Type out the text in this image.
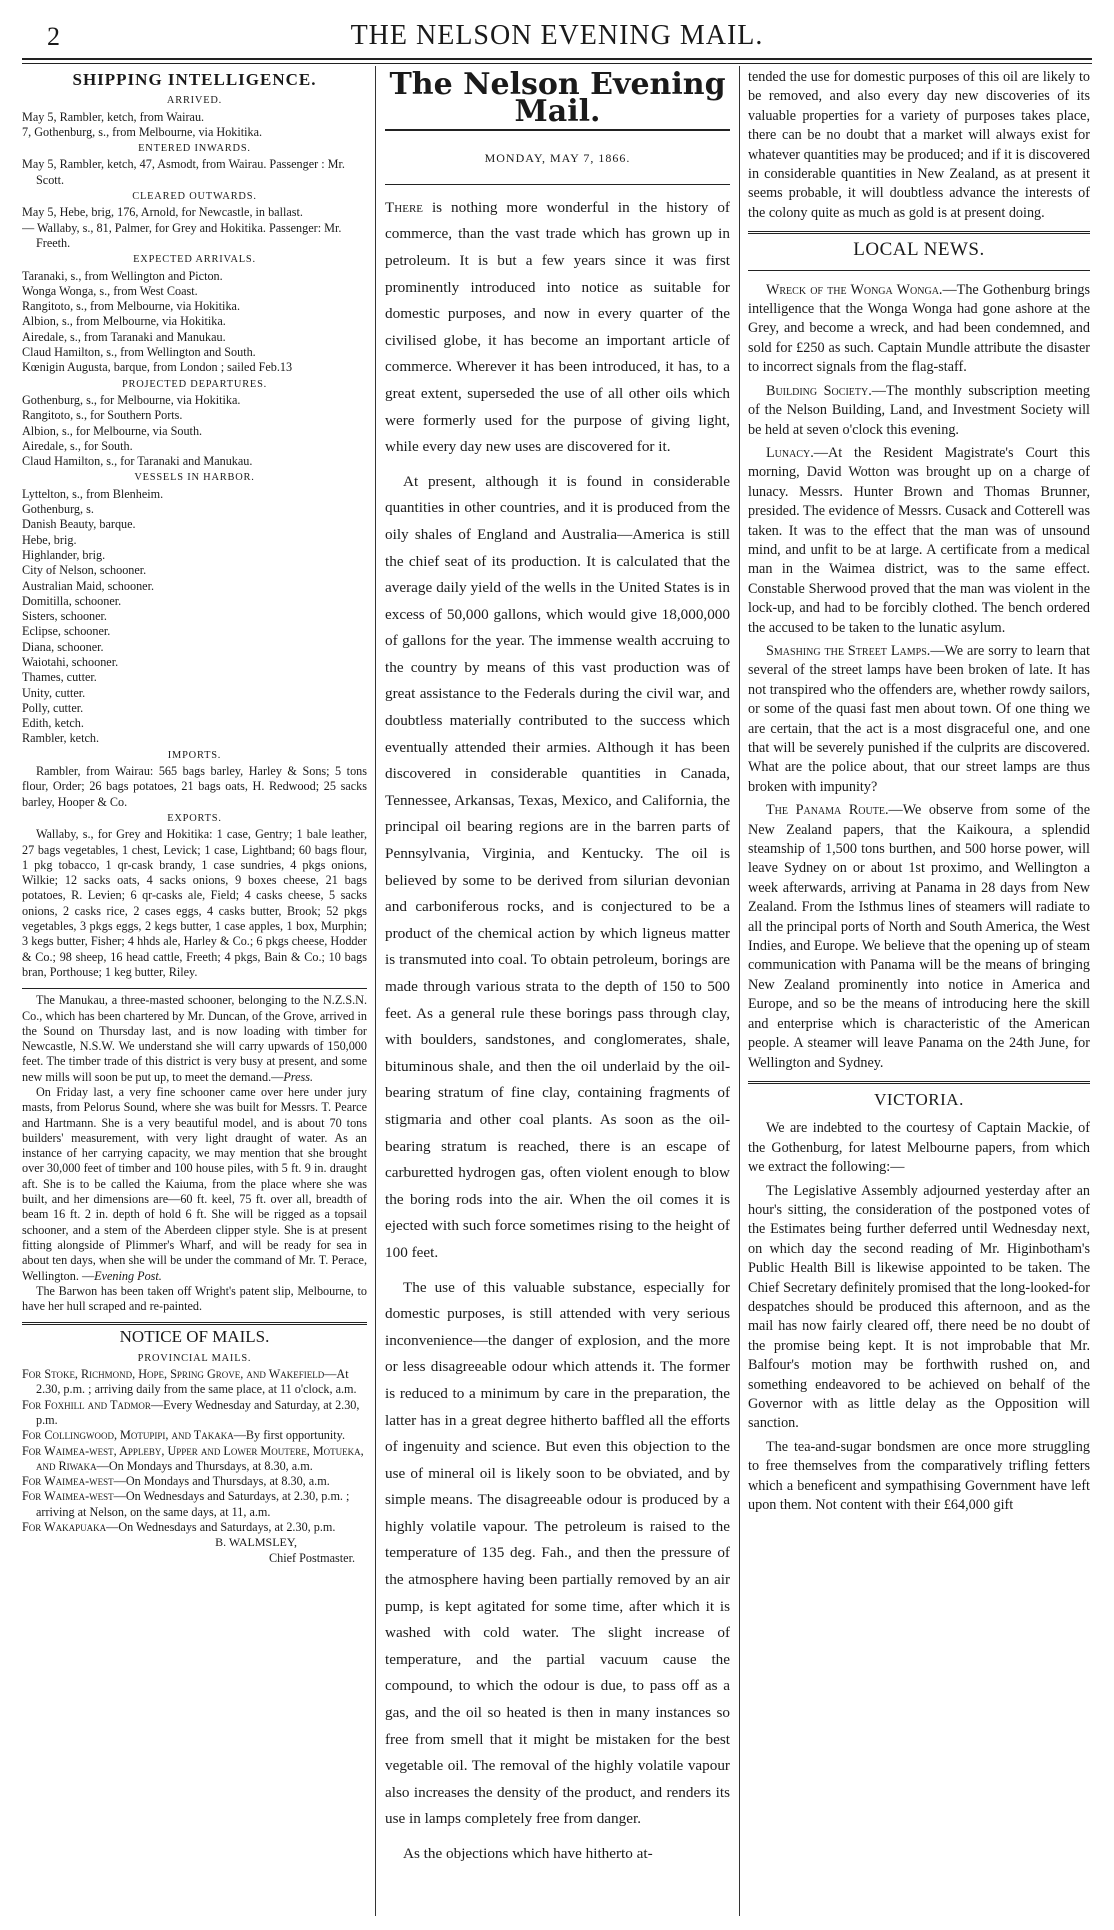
2	THE NELSON EVENING MAIL.
SHIPPING INTELLIGENCE.
ARRIVED.
May 5, Rambler, ketch, from Wairau.
7, Gothenburg, s., from Melbourne, via Hokitika.
ENTERED INWARDS.
May 5, Rambler, ketch, 47, Asmodt, from Wairau. Passenger : Mr. Scott.
CLEARED OUTWARDS.
May 5, Hebe, brig, 176, Arnold, for Newcastle, in ballast.
— Wallaby, s., 81, Palmer, for Grey and Hokitika. Passenger: Mr. Freeth.
EXPECTED ARRIVALS.
Taranaki, s., from Wellington and Picton.
Wonga Wonga, s., from West Coast.
Rangitoto, s., from Melbourne, via Hokitika.
Albion, s., from Melbourne, via Hokitika.
Airedale, s., from Taranaki and Manukau.
Claud Hamilton, s., from Wellington and South.
Kœnigin Augusta, barque, from London ; sailed Feb.13
PROJECTED DEPARTURES.
Gothenburg, s., for Melbourne, via Hokitika.
Rangitoto, s., for Southern Ports.
Albion, s., for Melbourne, via South.
Airedale, s., for South.
Claud Hamilton, s., for Taranaki and Manukau.
VESSELS IN HARBOR.
Lyttelton, s., from Blenheim.
Gothenburg, s.
Danish Beauty, barque.
Hebe, brig.
Highlander, brig.
City of Nelson, schooner.
Australian Maid, schooner.
Domitilla, schooner.
Sisters, schooner.
Eclipse, schooner.
Diana, schooner.
Waiotahi, schooner.
Thames, cutter.
Unity, cutter.
Polly, cutter.
Edith, ketch.
Rambler, ketch.
IMPORTS.

Rambler, from Wairau: 565 bags barley, Harley & Sons; 5 tons flour, Order; 26 bags potatoes, 21 bags oats, H. Redwood; 25 sacks barley, Hooper & Co.

EXPORTS.

Wallaby, s., for Grey and Hokitika: 1 case, Gentry; 1 bale leather, 27 bags vegetables, 1 chest, Levick; 1 case, Lightband; 60 bags flour, 1 pkg tobacco, 1 qr-cask brandy, 1 case sundries, 4 pkgs onions, Wilkie; 12 sacks oats, 4 sacks onions, 9 boxes cheese, 21 bags potatoes, R. Levien; 6 qr-casks ale, Field; 4 casks cheese, 5 sacks onions, 2 casks rice, 2 cases eggs, 4 casks butter, Brook; 52 pkgs vegetables, 3 pkgs eggs, 2 kegs butter, 1 case apples, 1 box, Murphin; 3 kegs butter, Fisher; 4 hhds ale, Harley & Co.; 6 pkgs cheese, Hodder & Co.; 98 sheep, 16 head cattle, Freeth; 4 pkgs, Bain & Co.; 10 bags bran, Porthouse; 1 keg butter, Riley.

The Manukau, a three-masted schooner, belonging to the N.Z.S.N. Co., which has been chartered by Mr. Duncan, of the Grove, arrived in the Sound on Thursday last, and is now loading with timber for Newcastle, N.S.W. We understand she will carry upwards of 150,000 feet. The timber trade of this district is very busy at present, and some new mills will soon be put up, to meet the demand.—Press.

On Friday last, a very fine schooner came over here under jury masts, from Pelorus Sound, where she was built for Messrs. T. Pearce and Hartmann. She is a very beautiful model, and is about 70 tons builders' measurement, with very light draught of water. As an instance of her carrying capacity, we may mention that she brought over 30,000 feet of timber and 100 house piles, with 5 ft. 9 in. draught aft. She is to be called the Kaiuma, from the place where she was built, and her dimensions are—60 ft. keel, 75 ft. over all, breadth of beam 16 ft. 2 in. depth of hold 6 ft. She will be rigged as a topsail schooner, and a stem of the Aberdeen clipper style. She is at present fitting alongside of Plimmer's Wharf, and will be ready for sea in about ten days, when she will be under the command of Mr. T. Perace, Wellington. —Evening Post.

The Barwon has been taken off Wright's patent slip, Melbourne, to have her hull scraped and re-painted.

NOTICE OF MAILS.
PROVINCIAL MAILS.
For Stoke, Richmond, Hope, Spring Grove, and Wakefield—At 2.30, p.m. ; arriving daily from the same place, at 11 o'clock, a.m.
For Foxhill and Tadmor—Every Wednesday and Saturday, at 2.30, p.m.
For Collingwood, Motupipi, and Takaka—By first opportunity.
For Waimea-west, Appleby, Upper and Lower Moutere, Motueka, and Riwaka—On Mondays and Thursdays, at 8.30, a.m.
For Waimea-west—On Mondays and Thursdays, at 8.30, a.m.
For Waimea-west—On Wednesdays and Saturdays, at 2.30, p.m. ; arriving at Nelson, on the same days, at 11, a.m.
For Wakapuaka—On Wednesdays and Saturdays, at 2.30, p.m.
B. WALMSLEY,
Chief Postmaster.
The Nelson Evening Mail.
MONDAY, MAY 7, 1866.

There is nothing more wonderful in the history of commerce, than the vast trade which has grown up in petroleum. It is but a few years since it was first prominently introduced into notice as suitable for domestic purposes, and now in every quarter of the civilised globe, it has become an important article of commerce. Wherever it has been introduced, it has, to a great extent, superseded the use of all other oils which were formerly used for the purpose of giving light, while every day new uses are discovered for it.

At present, although it is found in considerable quantities in other countries, and it is produced from the oily shales of England and Australia—America is still the chief seat of its production. It is calculated that the average daily yield of the wells in the United States is in excess of 50,000 gallons, which would give 18,000,000 of gallons for the year. The immense wealth accruing to the country by means of this vast production was of great assistance to the Federals during the civil war, and doubtless materially contributed to the success which eventually attended their armies. Although it has been discovered in considerable quantities in Canada, Tennessee, Arkansas, Texas, Mexico, and California, the principal oil bearing regions are in the barren parts of Pennsylvania, Virginia, and Kentucky. The oil is believed by some to be derived from silurian devonian and carboniferous rocks, and is conjectured to be a product of the chemical action by which ligneus matter is transmuted into coal. To obtain petroleum, borings are made through various strata to the depth of 150 to 500 feet. As a general rule these borings pass through clay, with boulders, sandstones, and conglomerates, shale, bituminous shale, and then the oil underlaid by the oil-bearing stratum of fine clay, containing fragments of stigmaria and other coal plants. As soon as the oil-bearing stratum is reached, there is an escape of carburetted hydrogen gas, often violent enough to blow the boring rods into the air. When the oil comes it is ejected with such force sometimes rising to the height of 100 feet.

The use of this valuable substance, especially for domestic purposes, is still attended with very serious inconvenience—the danger of explosion, and the more or less disagreeable odour which attends it. The former is reduced to a minimum by care in the preparation, the latter has in a great degree hitherto baffled all the efforts of ingenuity and science. But even this objection to the use of mineral oil is likely soon to be obviated, and by simple means. The disagreeable odour is produced by a highly volatile vapour. The petroleum is raised to the temperature of 135 deg. Fah., and then the pressure of the atmosphere having been partially removed by an air pump, is kept agitated for some time, after which it is washed with cold water. The slight increase of temperature, and the partial vacuum cause the compound, to which the odour is due, to pass off as a gas, and the oil so heated is then in many instances so free from smell that it might be mistaken for the best vegetable oil. The removal of the highly volatile vapour also increases the density of the product, and renders its use in lamps completely free from danger.

As the objections which have hitherto at-

tended the use for domestic purposes of this oil are likely to be removed, and also every day new discoveries of its valuable properties for a variety of purposes takes place, there can be no doubt that a market will always exist for whatever quantities may be produced; and if it is discovered in considerable quantities in New Zealand, as at present it seems probable, it will doubtless advance the interests of the colony quite as much as gold is at present doing.

LOCAL NEWS.

Wreck of the Wonga Wonga.—The Gothenburg brings intelligence that the Wonga Wonga had gone ashore at the Grey, and become a wreck, and had been condemned, and sold for £250 as such. Captain Mundle attribute the disaster to incorrect signals from the flag-staff.

Building Society.—The monthly subscription meeting of the Nelson Building, Land, and Investment Society will be held at seven o'clock this evening.

Lunacy.—At the Resident Magistrate's Court this morning, David Wotton was brought up on a charge of lunacy. Messrs. Hunter Brown and Thomas Brunner, presided. The evidence of Messrs. Cusack and Cotterell was taken. It was to the effect that the man was of unsound mind, and unfit to be at large. A certificate from a medical man in the Waimea district, was to the same effect. Constable Sherwood proved that the man was violent in the lock-up, and had to be forcibly clothed. The bench ordered the accused to be taken to the lunatic asylum.

Smashing the Street Lamps.—We are sorry to learn that several of the street lamps have been broken of late. It has not transpired who the offenders are, whether rowdy sailors, or some of the quasi fast men about town. Of one thing we are certain, that the act is a most disgraceful one, and one that will be severely punished if the culprits are discovered. What are the police about, that our street lamps are thus broken with impunity?

The Panama Route.—We observe from some of the New Zealand papers, that the Kaikoura, a splendid steamship of 1,500 tons burthen, and 500 horse power, will leave Sydney on or about 1st proximo, and Wellington a week afterwards, arriving at Panama in 28 days from New Zealand. From the Isthmus lines of steamers will radiate to all the principal ports of North and South America, the West Indies, and Europe. We believe that the opening up of steam communication with Panama will be the means of bringing New Zealand prominently into notice in America and Europe, and so be the means of introducing here the skill and enterprise which is characteristic of the American people. A steamer will leave Panama on the 24th June, for Wellington and Sydney.

VICTORIA.

We are indebted to the courtesy of Captain Mackie, of the Gothenburg, for latest Melbourne papers, from which we extract the following:—

The Legislative Assembly adjourned yesterday after an hour's sitting, the consideration of the postponed votes of the Estimates being further deferred until Wednesday next, on which day the second reading of Mr. Higinbotham's Public Health Bill is likewise appointed to be taken. The Chief Secretary definitely promised that the long-looked-for despatches should be produced this afternoon, and as the mail has now fairly cleared off, there need be no doubt of the promise being kept. It is not improbable that Mr. Balfour's motion may be forthwith rushed on, and something endeavored to be achieved on behalf of the Governor with as little delay as the Opposition will sanction.

The tea-and-sugar bondsmen are once more struggling to free themselves from the comparatively trifling fetters which a beneficent and sympathising Government have left upon them. Not content with their £64,000 gift
